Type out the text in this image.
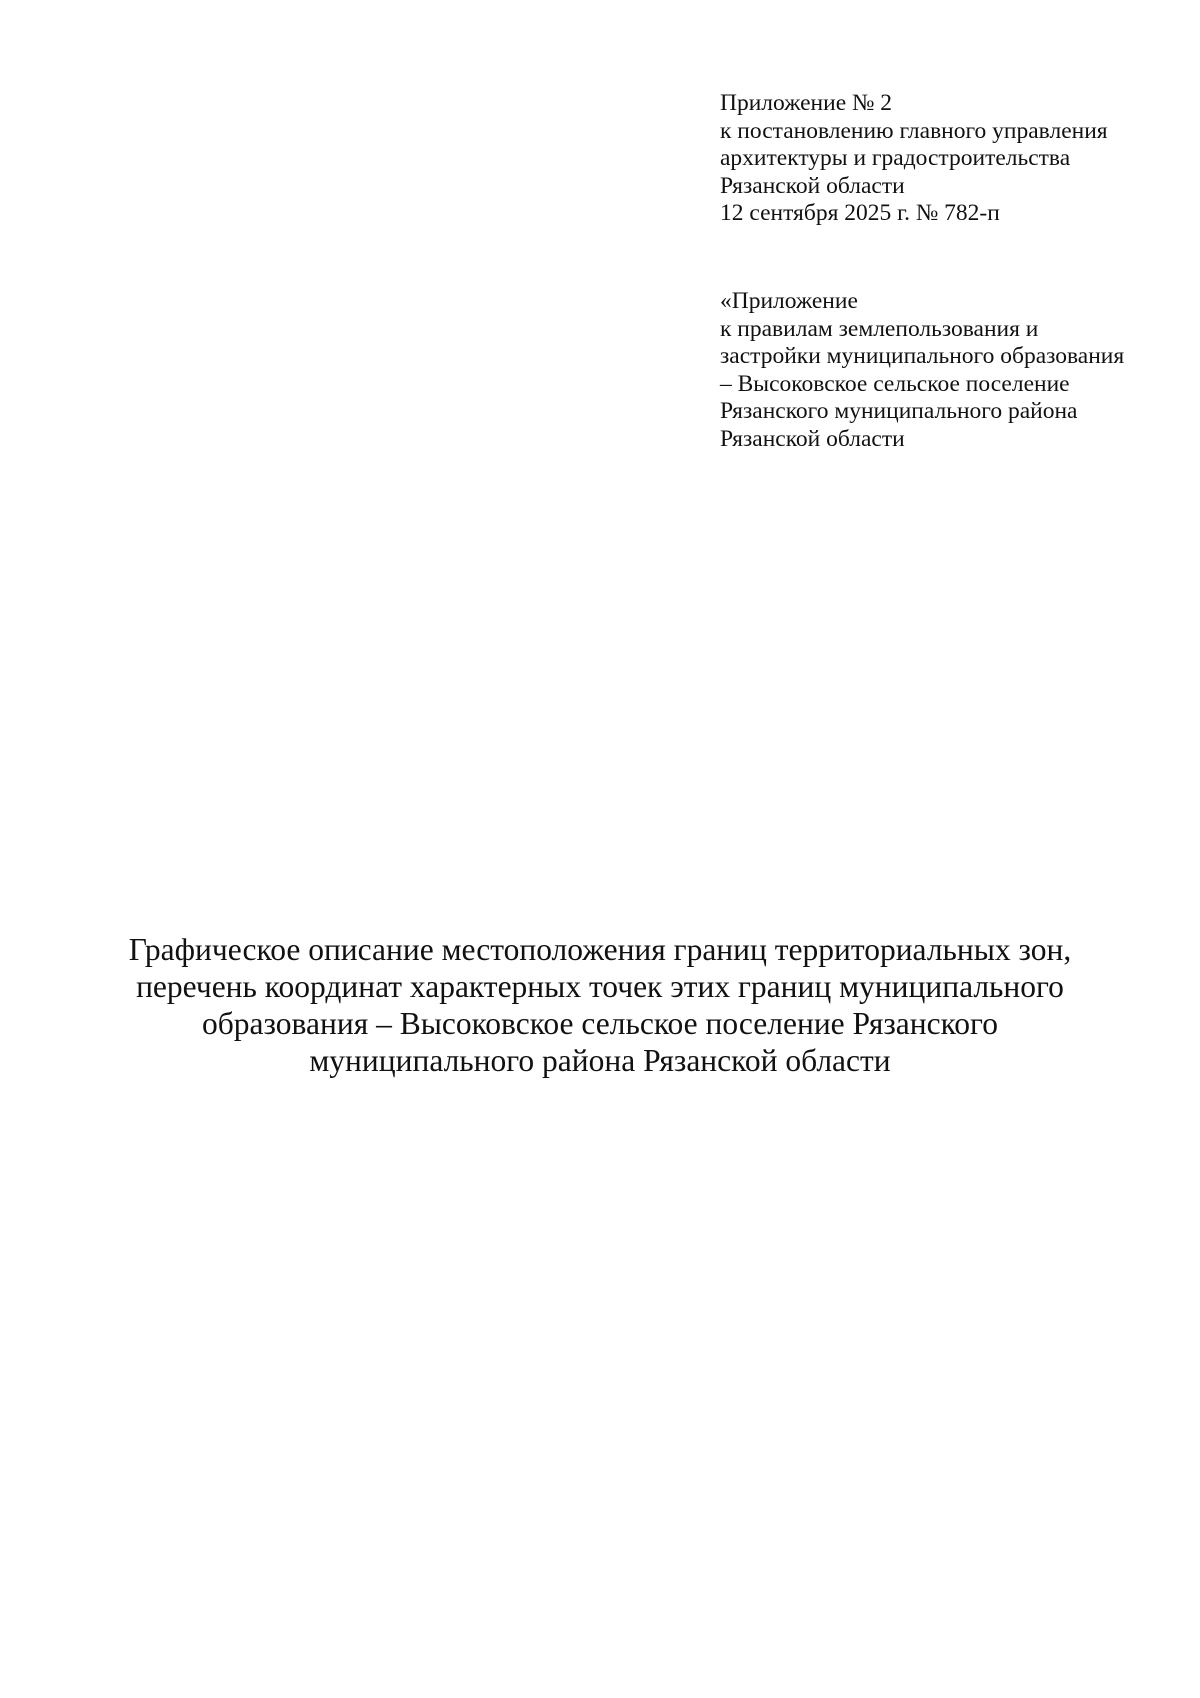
Приложение № 2
к постановлению главного управления
архитектуры и градостроительства
Рязанской области
12 сентября 2025 г. № 782-п
«Приложение
к правилам землепользования и
застройки муниципального образования
– Высоковское сельское поселение
Рязанского муниципального района
Рязанской области
Графическое описание местоположения границ территориальных зон,
перечень координат характерных точек этих границ муниципального
образования – Высоковское сельское поселение Рязанского
муниципального района Рязанской области
